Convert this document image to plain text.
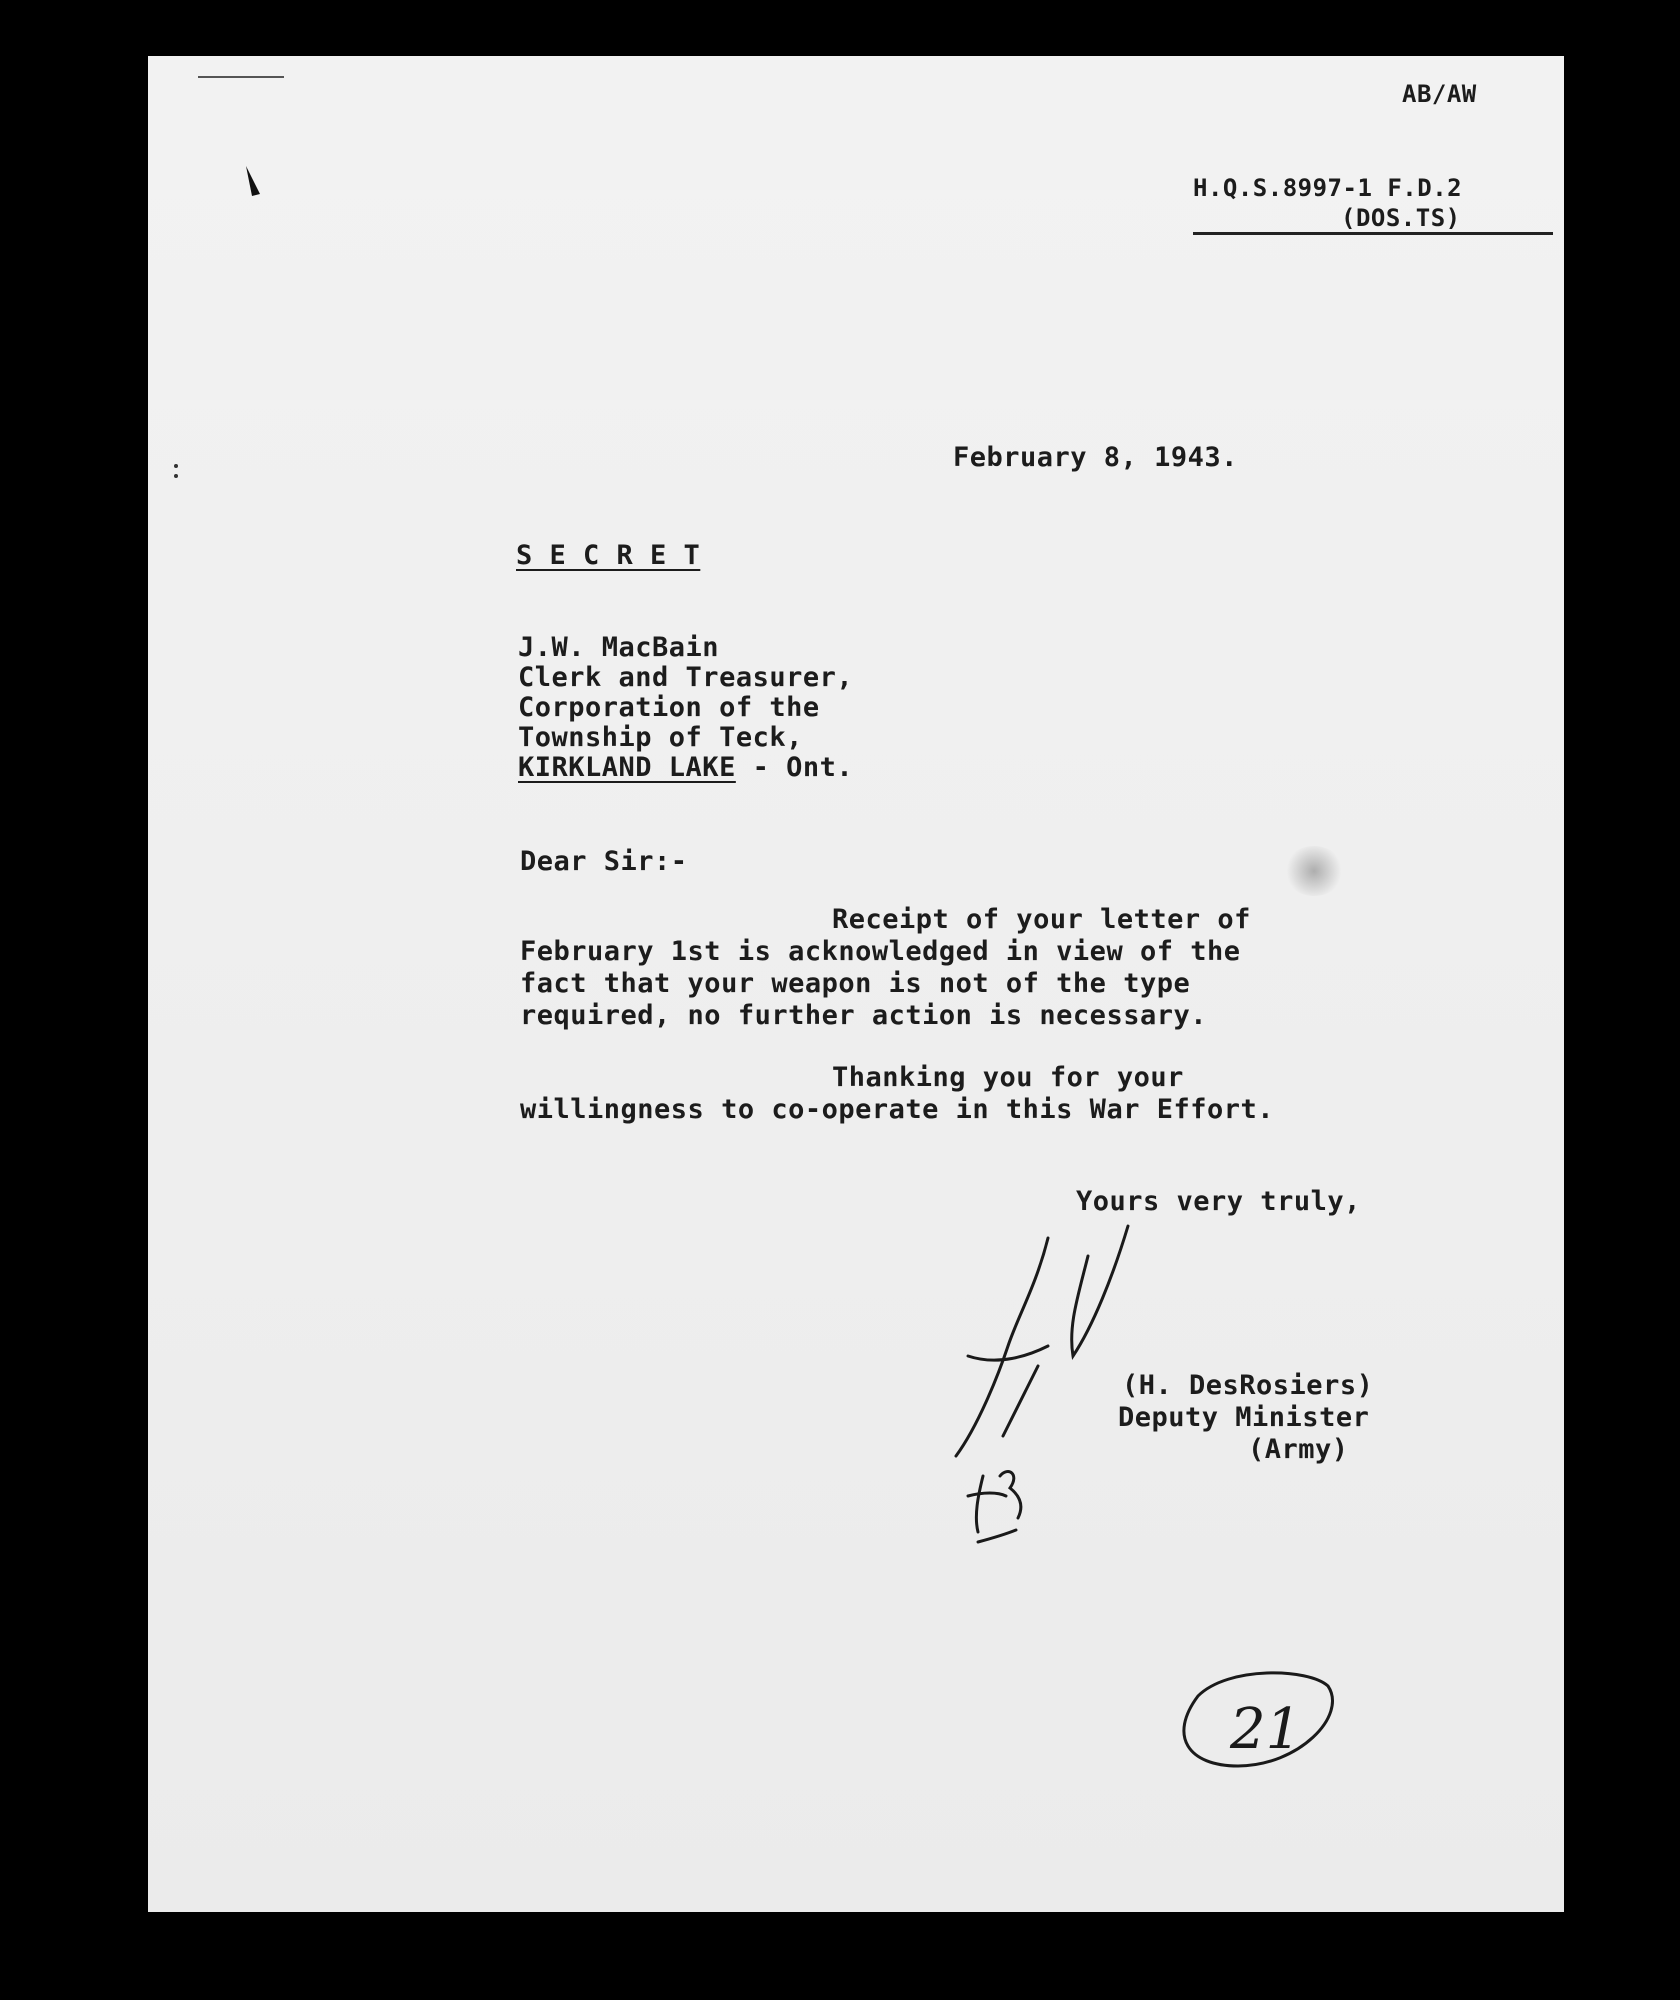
AB/AW
H.Q.S.8997-1 F.D.2
(DOS.TS)
February 8, 1943.
S E C R E T
J.W. MacBain
Clerk and Treasurer,
Corporation of the
Township of Teck,
KIRKLAND LAKE - Ont.
Dear Sir:-
Receipt of your letter of
February 1st is acknowledged in view of the
fact that your weapon is not of the type
required, no further action is necessary.
Thanking you for your
willingness to co-operate in this War Effort.
Yours very truly,
(H. DesRosiers)
Deputy Minister
(Army)
21
